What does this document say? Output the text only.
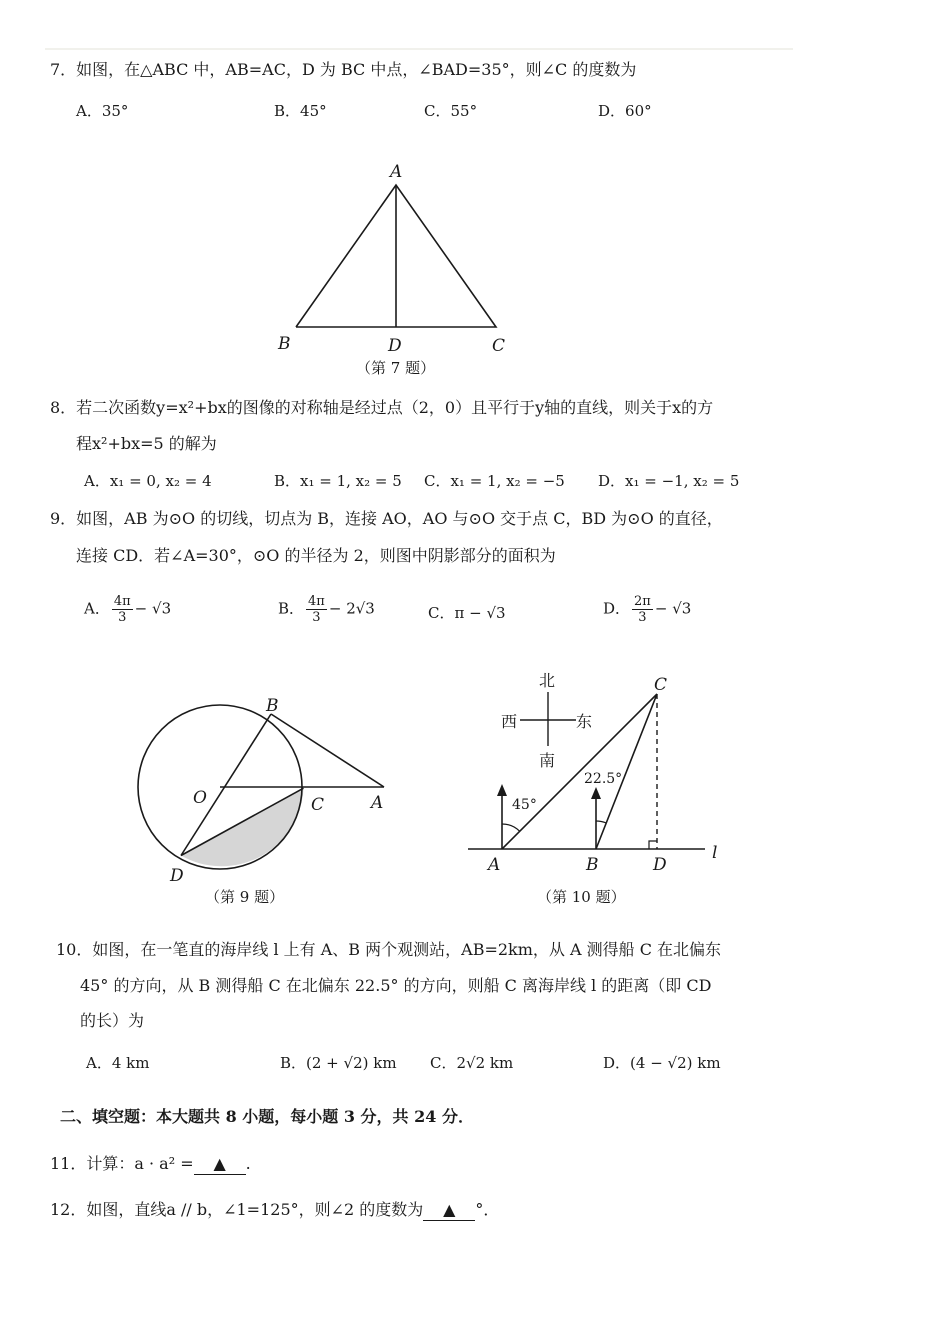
7．如图，在△ABC 中，AB=AC，D 为 BC 中点，∠BAD=35°，则∠C 的度数为
A．35°	B．45°	C．55°	D．60°
A
B	C
D
（第 7 题）
8．若二次函数y=x²+bx的图像的对称轴是经过点（2，0）且平行于y轴的直线，则关于x的方
程x²+bx=5 的解为
A．x₁ = 0, x₂ = 4	B．x₁ = 1, x₂ = 5 C．x₁ = 1, x₂ = −5 D．x₁ = −1, x₂ = 5
9．如图，AB 为⊙O 的切线，切点为 B，连接 AO，AO 与⊙O 交于点 C，BD 为⊙O 的直径，
连接 CD．若∠A=30°，⊙O 的半径为 2，则图中阴影部分的面积为
A． $\frac{4\pi}{3} - √3$	B． $\frac{4\pi}{3} - 2√3$	C．π − √3	D． $\frac{2\pi}{3} - √3$
B
O	C	A
D
（第 9 题）
北
西	东
南
45°
22.5°
C
A	B	D
l
（第 10 题）
10．如图，在一笔直的海岸线 l 上有 A、B 两个观测站，AB=2km，从 A 测得船 C 在北偏东
45° 的方向，从 B 测得船 C 在北偏东 22.5° 的方向，则船 C 离海岸线 l 的距离（即 CD
的长）为
A．4 km	B．(2 + √2) km C．2√2 km	D．(4 − √2) km
二、填空题：本大题共 8 小题，每小题 3 分，共 24 分．
11．计算：a · a² = ▲ .
12．如图，直线a // b，∠1=125°，则∠2 的度数为 ▲ °．
